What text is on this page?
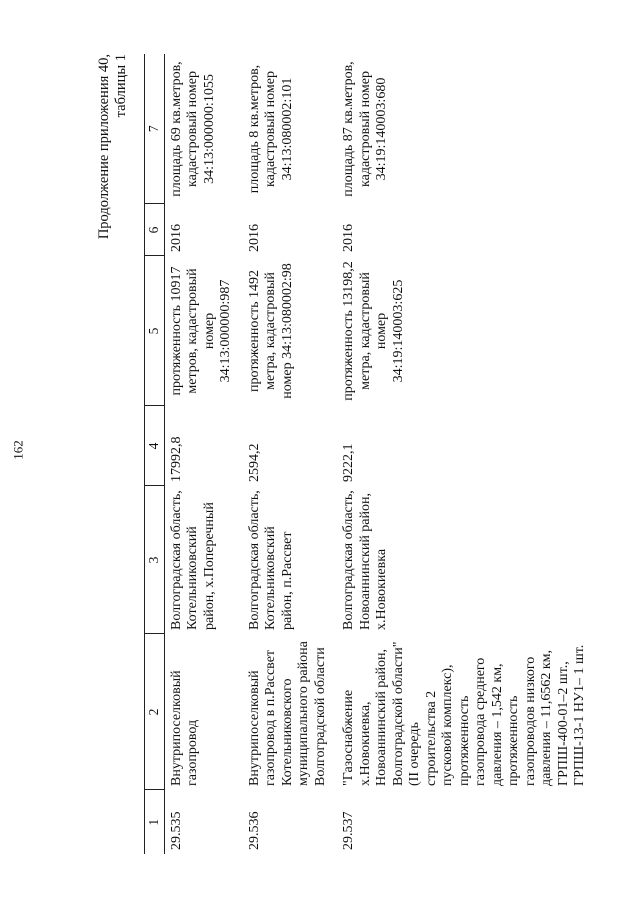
162
Продолжение приложения 40, таблицы 1
1	2	3	4	5	6	7
29.535	Внутрипоселковый газопровод	Волгоградская область, Котельниковский район, х.Поперечный	17992,8	протяженность 10917 метров, кадастровый номер 34:13:000000:987	2016	площадь 69 кв.метров, кадастровый номер 34:13:000000:1055
29.536	Внутрипоселковый газопровод в п.Рассвет Котельниковского муниципального района Волгоградской области	Волгоградская область, Котельниковский район, п.Рассвет	2594,2	протяженность 1492 метра, кадастровый номер 34:13:080002:98	2016	площадь 8 кв.метров, кадастровый номер 34:13:080002:101
29.537	"Газоснабжение х.Новокиевка, Новоаннинский район, Волгоградской области" (II очередь строительства 2 пусковой комплекс), протяженность газопровода среднего давления – 1,542 км, протяженность газопроводов низкого давления – 11,6562 км, ГРПШ-400-01–2 шт., ГРПШ-13-1 НУ1– 1 шт.	Волгоградская область, Новоаннинский район, х.Новокиевка	9222,1	протяженность 13198,2 метра, кадастровый номер 34:19:140003:625	2016	площадь 87 кв.метров, кадастровый номер 34:19:140003:680
